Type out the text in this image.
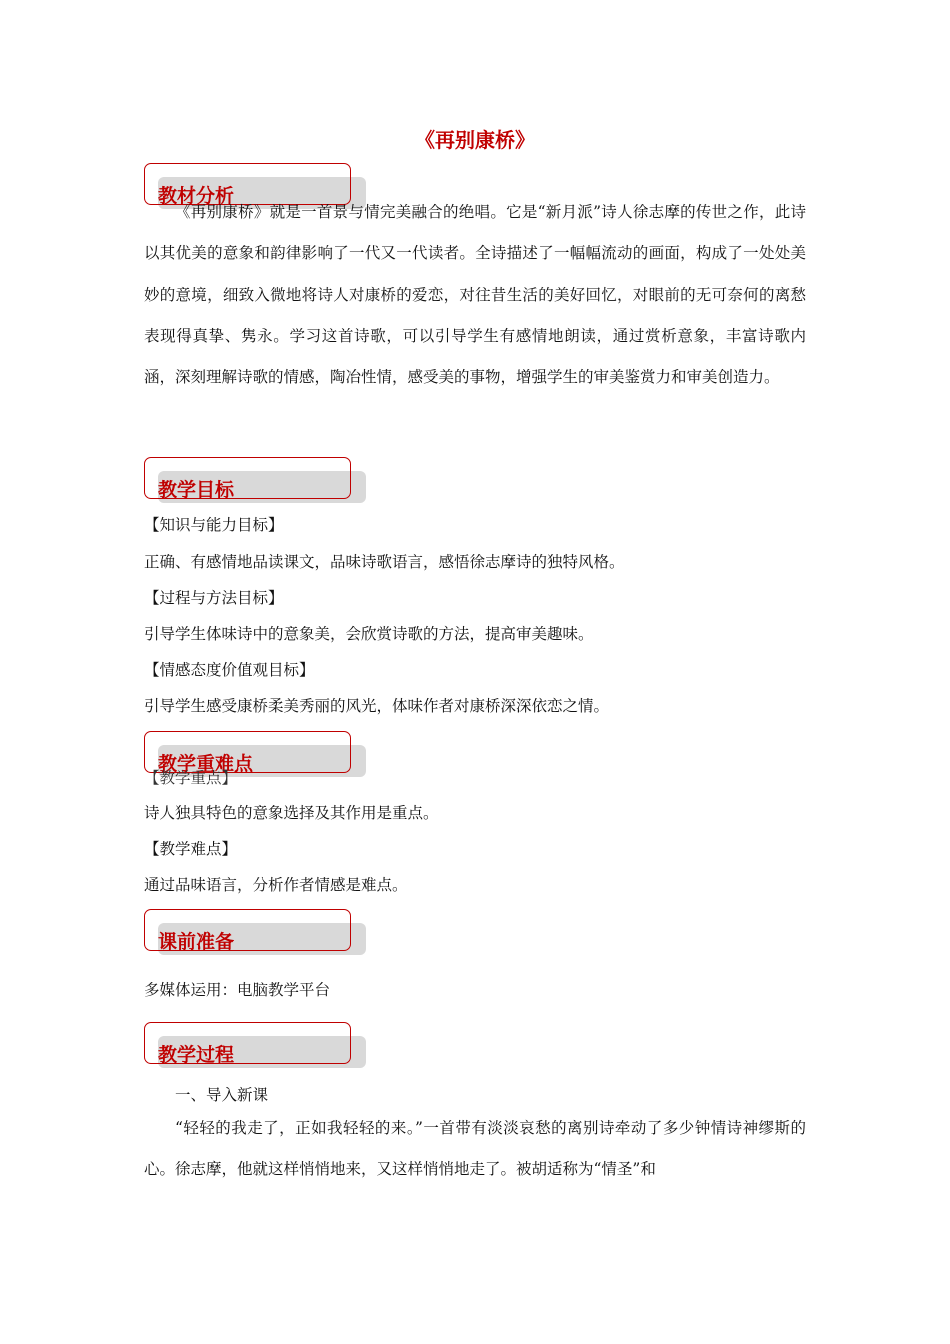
《再别康桥》
教材分析

《再别康桥》就是一首景与情完美融合的绝唱。它是“新月派”诗人徐志摩的传世之作，此诗以其优美的意象和韵律影响了一代又一代读者。全诗描述了一幅幅流动的画面，构成了一处处美妙的意境，细致入微地将诗人对康桥的爱恋，对往昔生活的美好回忆，对眼前的无可奈何的离愁表现得真挚、隽永。学习这首诗歌，可以引导学生有感情地朗读，通过赏析意象，丰富诗歌内涵，深刻理解诗歌的情感，陶冶性情，感受美的事物，增强学生的审美鉴赏力和审美创造力。

教学目标

【知识与能力目标】

正确、有感情地品读课文，品味诗歌语言，感悟徐志摩诗的独特风格。

【过程与方法目标】

引导学生体味诗中的意象美，会欣赏诗歌的方法，提高审美趣味。

【情感态度价值观目标】

引导学生感受康桥柔美秀丽的风光，体味作者对康桥深深依恋之情。

教学重难点

【教学重点】

诗人独具特色的意象选择及其作用是重点。

【教学难点】

通过品味语言，分析作者情感是难点。

课前准备

多媒体运用：电脑教学平台

教学过程

一、导入新课

“轻轻的我走了，正如我轻轻的来。”一首带有淡淡哀愁的离别诗牵动了多少钟情诗神缪斯的心。徐志摩，他就这样悄悄地来，又这样悄悄地走了。被胡适称为“情圣”和
